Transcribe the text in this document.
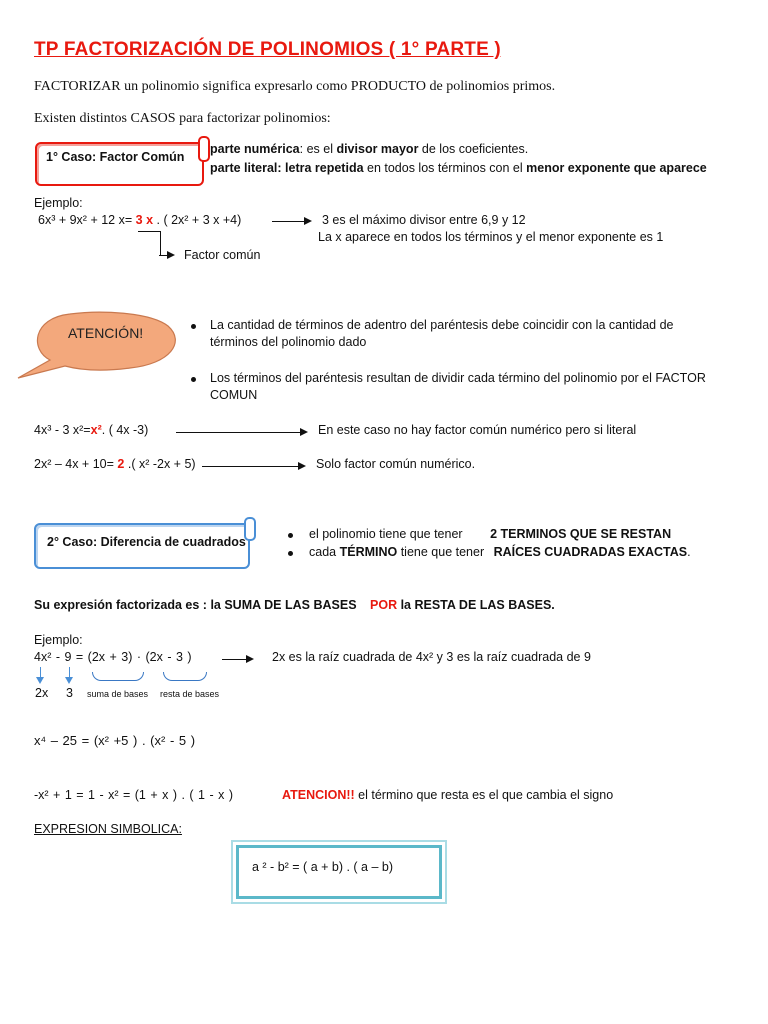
TP FACTORIZACIÓN DE POLINOMIOS ( 1° PARTE )
FACTORIZAR un polinomio significa expresarlo como PRODUCTO de polinomios primos.
Existen distintos CASOS para factorizar polinomios:
1° Caso: Factor Común
parte numérica: es el divisor mayor de los coeficientes.
parte literal: letra repetida en todos los términos con el menor exponente que aparece
Ejemplo:
6x³ + 9x² + 12 x= 3 x . ( 2x² + 3 x +4)	3 es el máximo divisor entre 6,9 y 12
La x aparece en todos los términos y el menor exponente es 1
Factor común
ATENCIÓN!	La cantidad de términos de adentro del paréntesis debe coincidir con la cantidad de
términos del polinomio dado
Los términos del paréntesis resultan de dividir cada término del polinomio por el FACTOR
COMUN
4x³ - 3 x²=x². ( 4x -3)	En este caso no hay factor común numérico pero si literal
2x² – 4x + 10= 2 .( x² -2x + 5)	Solo factor común numérico.
2° Caso: Diferencia de cuadrados
el polinomio tiene que tener 2 TERMINOS QUE SE RESTAN
cada TÉRMINO tiene que tener RAÍCES CUADRADAS EXACTAS.
Su expresión factorizada es : la SUMA DE LAS BASES POR la RESTA DE LAS BASES.
Ejemplo:
4x² - 9 = (2x + 3) · (2x - 3 )	2x es la raíz cuadrada de 4x² y 3 es la raíz cuadrada de 9
2x 3 suma de bases resta de bases
x⁴ – 25 = (x² +5 ) . (x² - 5 )
-x² + 1 = 1 - x² = (1 + x ) . ( 1 - x )	ATENCION!! el término que resta es el que cambia el signo
EXPRESION SIMBOLICA:
a ² - b² = ( a + b) . ( a – b)
